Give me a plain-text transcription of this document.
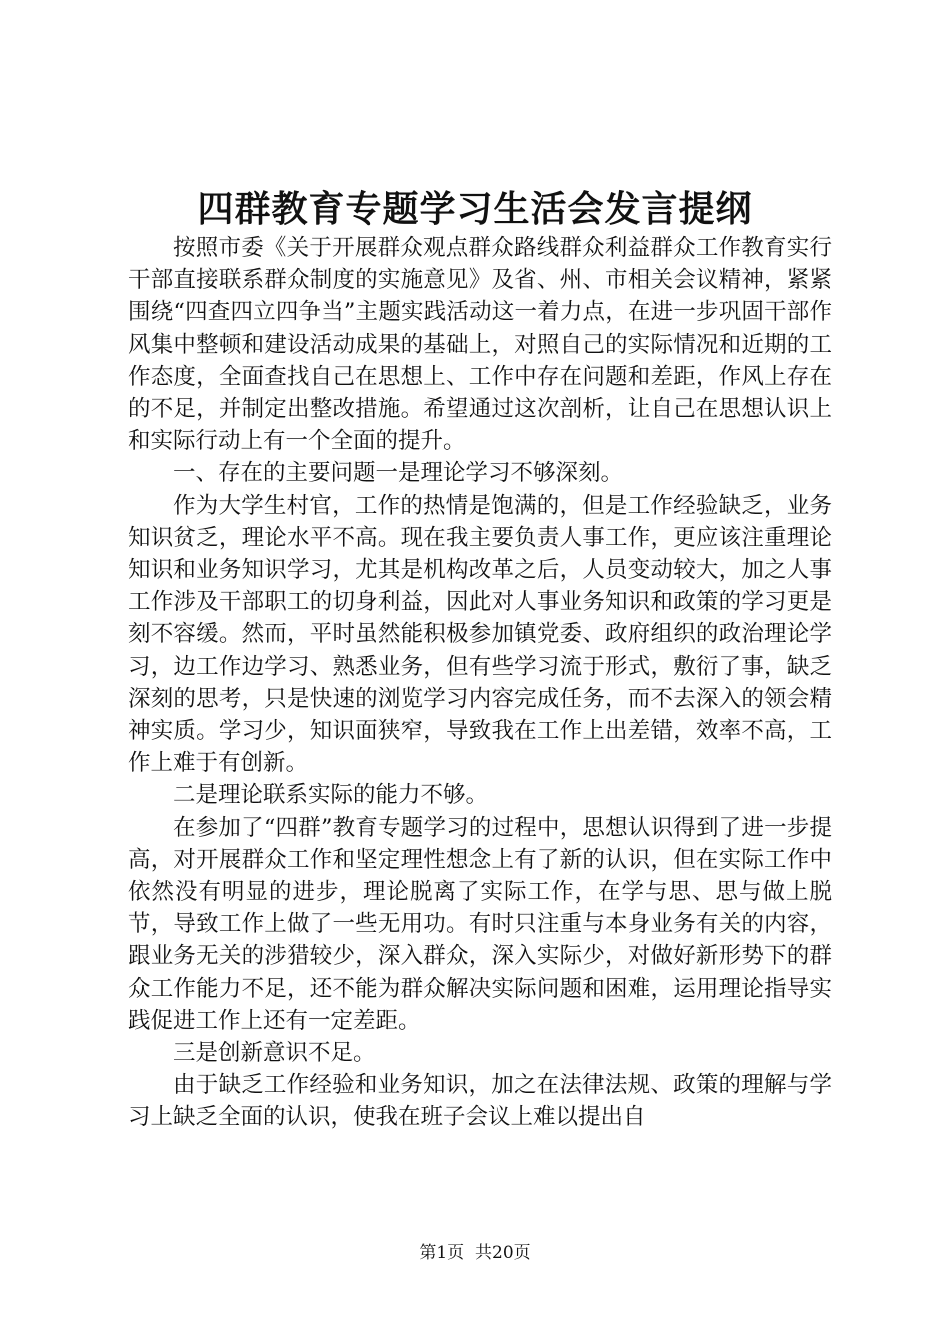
四群教育专题学习生活会发言提纲

按照市委《关于开展群众观点群众路线群众利益群众工作教育实行干部直接联系群众制度的实施意见》及省、州、市相关会议精神，紧紧围绕“四查四立四争当”主题实践活动这一着力点，在进一步巩固干部作风集中整顿和建设活动成果的基础上，对照自己的实际情况和近期的工作态度，全面查找自己在思想上、工作中存在问题和差距，作风上存在的不足，并制定出整改措施。希望通过这次剖析，让自己在思想认识上和实际行动上有一个全面的提升。

一、存在的主要问题一是理论学习不够深刻。

作为大学生村官，工作的热情是饱满的，但是工作经验缺乏，业务知识贫乏，理论水平不高。现在我主要负责人事工作，更应该注重理论知识和业务知识学习，尤其是机构改革之后，人员变动较大，加之人事工作涉及干部职工的切身利益，因此对人事业务知识和政策的学习更是刻不容缓。然而，平时虽然能积极参加镇党委、政府组织的政治理论学习，边工作边学习、熟悉业务，但有些学习流于形式，敷衍了事，缺乏深刻的思考，只是快速的浏览学习内容完成任务，而不去深入的领会精神实质。学习少，知识面狭窄，导致我在工作上出差错，效率不高，工作上难于有创新。

二是理论联系实际的能力不够。

在参加了“四群”教育专题学习的过程中，思想认识得到了进一步提高，对开展群众工作和坚定理性想念上有了新的认识，但在实际工作中依然没有明显的进步，理论脱离了实际工作，在学与思、思与做上脱节，导致工作上做了一些无用功。有时只注重与本身业务有关的内容，跟业务无关的涉猎较少，深入群众，深入实际少，对做好新形势下的群众工作能力不足，还不能为群众解决实际问题和困难，运用理论指导实践促进工作上还有一定差距。

三是创新意识不足。

由于缺乏工作经验和业务知识，加之在法律法规、政策的理解与学习上缺乏全面的认识，使我在班子会议上难以提出自

第1页 共20页
